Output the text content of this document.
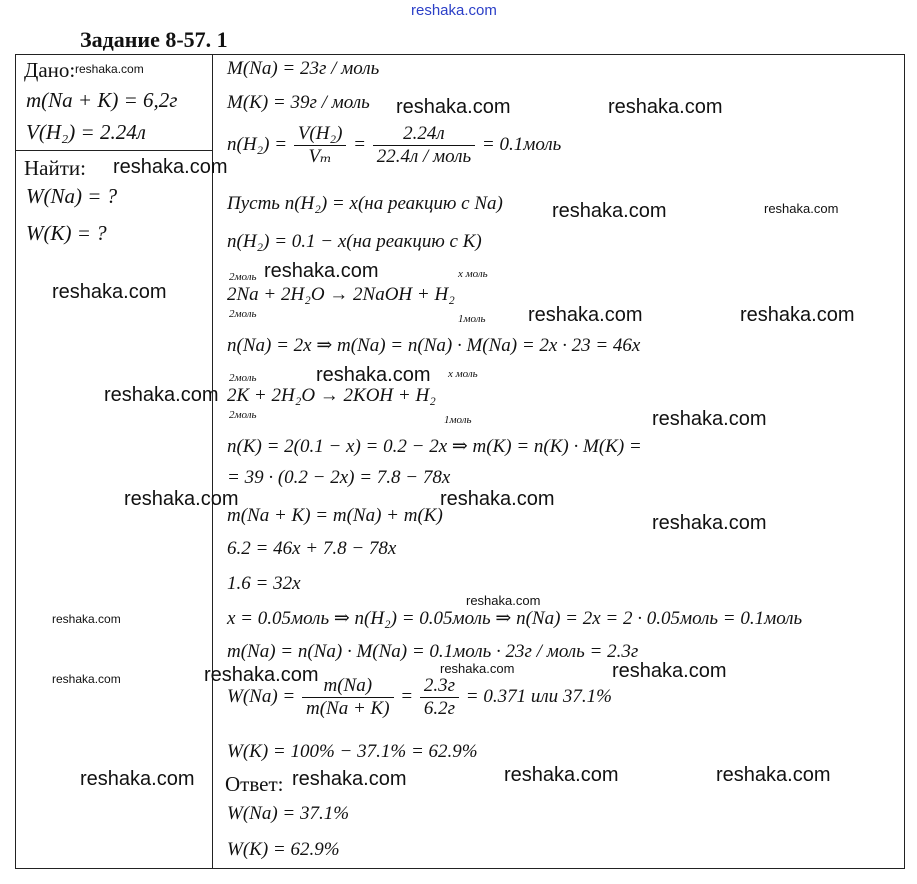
reshaka.com
Задание 8-57. 1
Дано:
m(Na + K) = 6,2г
V(H₂) = 2.24л
Найти:
W(Na) = ?
W(K) = ?
M(Na) = 23г / моль
M(K) = 39г / моль
$n(H_2) = \frac{\text{V(H₂)}}{\text{Vₘ}} = \frac{2.24л}{\text{22.4л / моль}}$ = 0.1моль
Пусть n(H₂) = x(на реакцию с Na)
n(H₂) = 0.1 − x(на реакцию с K)
2моль	x моль
2Na + 2H₂O → 2NaOH + H₂
2моль	1моль
n(Na) = 2x ⇒ m(Na) = n(Na) · M(Na) = 2x · 23 = 46x
2моль	x моль
2K + 2H₂O → 2KOH + H₂
2моль	1моль
n(K) = 2(0.1 − x) = 0.2 − 2x ⇒ m(K) = n(K) · M(K) =
= 39 · (0.2 − 2x) = 7.8 − 78x
m(Na + K) = m(Na) + m(K)
6.2 = 46x + 7.8 − 78x
1.6 = 32x
x = 0.05моль ⇒ n(H₂) = 0.05моль ⇒ n(Na) = 2x = 2 · 0.05моль = 0.1моль
m(Na) = n(Na) · M(Na) = 0.1моль · 23г / моль = 2.3г
$W(Na) = \frac{m(Na)}{m(Na + K)} = \frac{2.3г}{6.2г} = 0.371$ или 37.1%
W(K) = 100% − 37.1% = 62.9%
Ответ:
W(Na) = 37.1%
W(K) = 62.9%
reshaka.com
reshaka.com	reshaka.com
reshaka.com
reshaka.com	reshaka.com
reshaka.com
reshaka.com
reshaka.com	reshaka.com
reshaka.com
reshaka.com
reshaka.com
reshaka.com	reshaka.com
reshaka.com
reshaka.com
reshaka.com
reshaka.com	reshaka.com
reshaka.com	reshaka.com
reshaka.com	reshaka.com	reshaka.com	reshaka.com
